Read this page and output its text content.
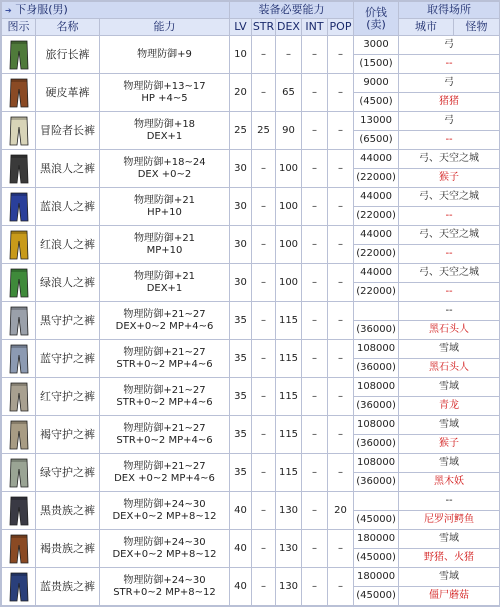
➔ 下身服(男)			装备必要能力					价钱
(卖)	取得场所	
图示	名称	能力	LV	STR	DEX	INT	POP		城市	怪物

	旅行长裤	物理防御+9	10	–	–	–	–	3000	弓	
								(1500)	--	

	硬皮革裤	物理防御+13~17
HP +4~5	20	–	65	–	–	9000	弓	
								(4500)	猪猪	

	冒险者长裤	物理防御+18
DEX+1	25	25	90	–	–	13000	弓	
								(6500)	--	

	黑浪人之裤	物理防御+18~24
DEX +0~2	30	–	100	–	–	44000	弓、天空之城	
								(22000)	猴子	

	蓝浪人之裤	物理防御+21
HP+10	30	–	100	–	–	44000	弓、天空之城	
								(22000)	--	

	红浪人之裤	物理防御+21
MP+10	30	–	100	–	–	44000	弓、天空之城	
								(22000)	--	

	绿浪人之裤	物理防御+21
DEX+1	30	–	100	–	–	44000	弓、天空之城	
								(22000)	--	

	黑守护之裤	物理防御+21~27
DEX+0~2 MP+4~6	35	–	115	–	–		--	
								(36000)	黑石头人	

	蓝守护之裤	物理防御+21~27
STR+0~2 MP+4~6	35	–	115	–	–	108000	雪域	
								(36000)	黑石头人	

	红守护之裤	物理防御+21~27
STR+0~2 MP+4~6	35	–	115	–	–	108000	雪域	
								(36000)	青龙	

	褐守护之裤	物理防御+21~27
STR+0~2 MP+4~6	35	–	115	–	–	108000	雪域	
								(36000)	猴子	

	绿守护之裤	物理防御+21~27
DEX +0~2 MP+4~6	35	–	115	–	–	108000	雪域	
								(36000)	黑木妖	

	黑贵族之裤	物理防御+24~30
DEX+0~2 MP+8~12	40	–	130	–	20		--	
								(45000)	尼罗河鳄鱼	

	褐贵族之裤	物理防御+24~30
DEX+0~2 MP+8~12	40	–	130	–	–	180000	雪域	
								(45000)	野猪、火猪	

	蓝贵族之裤	物理防御+24~30
STR+0~2 MP+8~12	40	–	130	–	–	180000	雪域	
								(45000)	僵尸蘑菇	
